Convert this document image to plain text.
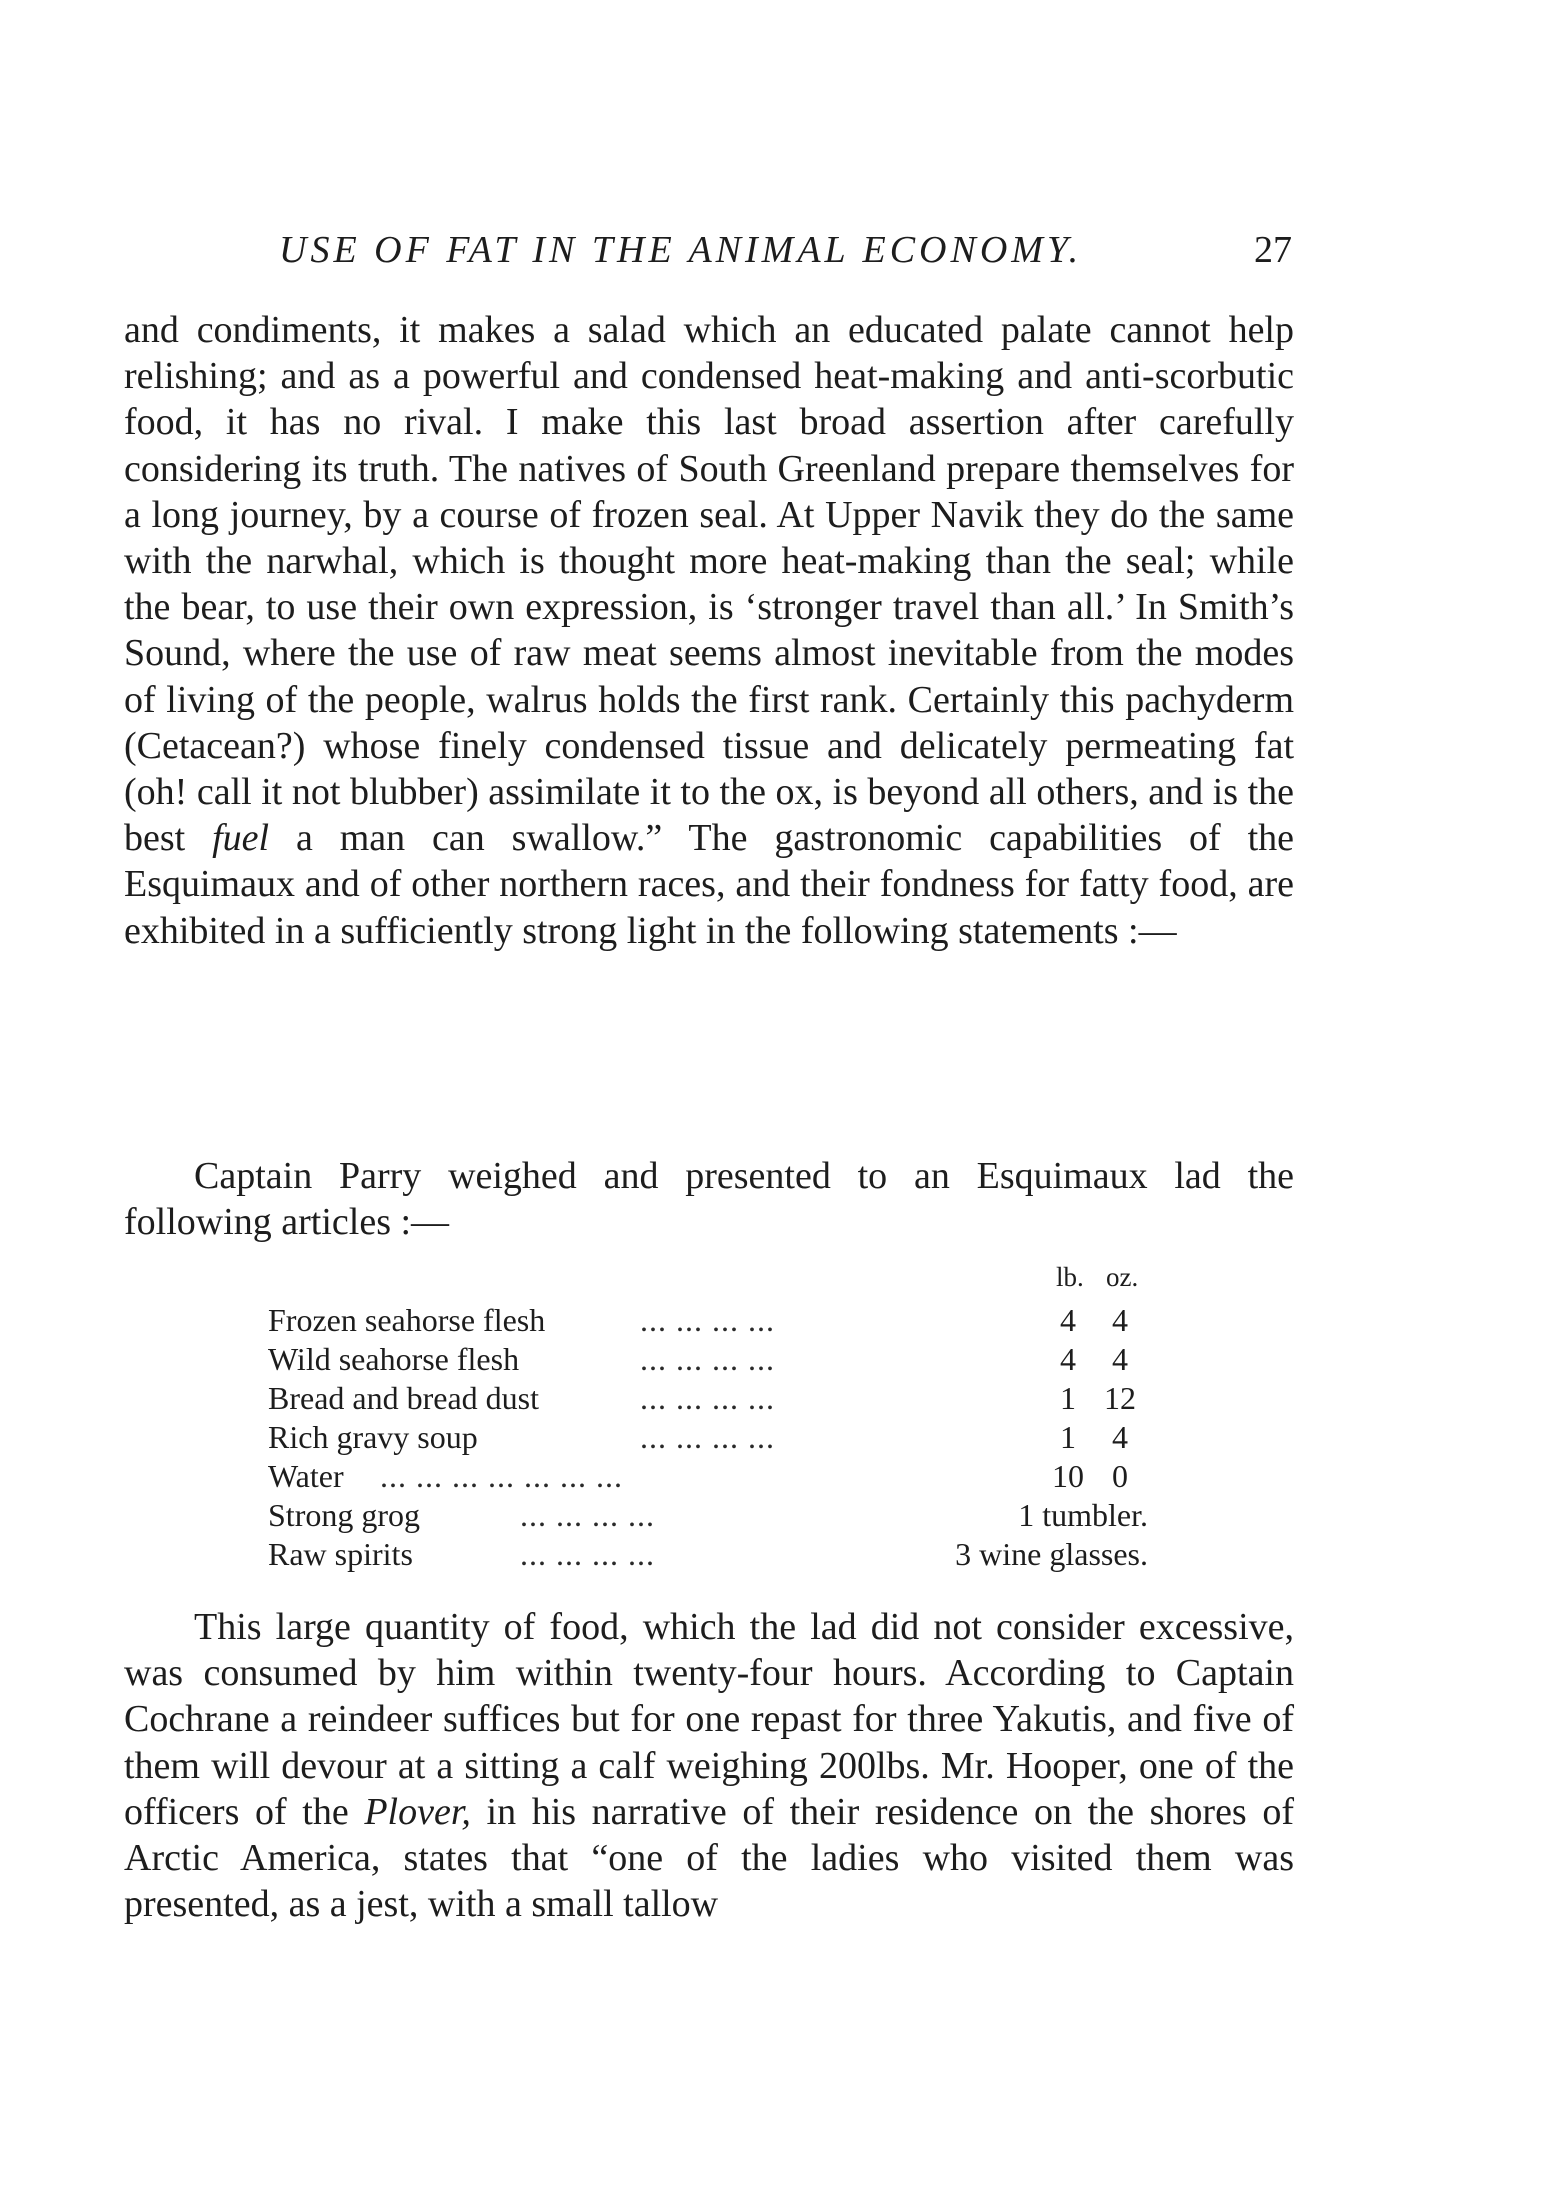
USE OF FAT IN THE ANIMAL ECONOMY.	27

and condiments, it makes a salad which an educated palate cannot help relishing; and as a powerful and condensed heat-making and anti-scorbutic food, it has no rival. I make this last broad assertion after carefully considering its truth. The natives of South Greenland prepare themselves for a long journey, by a course of frozen seal. At Upper Navik they do the same with the narwhal, which is thought more heat-making than the seal; while the bear, to use their own expression, is ‘stronger travel than all.’ In Smith’s Sound, where the use of raw meat seems almost inevitable from the modes of living of the people, walrus holds the first rank. Certainly this pachyderm (Cetacean?) whose finely condensed tissue and delicately permeating fat (oh! call it not blubber) assimilate it to the ox, is beyond all others, and is the best fuel a man can swallow.” The gastronomic capabilities of the Esquimaux and of other northern races, and their fondness for fatty food, are exhibited in a sufficiently strong light in the following statements :—

Captain Parry weighed and presented to an Esquimaux lad the following articles :—

lb. oz.
Frozen seahorse flesh	... ... ... ...	4	4
Wild seahorse flesh	... ... ... ...	4	4
Bread and bread dust	... ... ... ...	1 12
Rich gravy soup	... ... ... ...	1	4
Water ... ... ... ... ... ... ...	10 0
Strong grog	... ... ... ...	1 tumbler.
Raw spirits	... ... ... ...	3 wine glasses.

This large quantity of food, which the lad did not consider excessive, was consumed by him within twenty-four hours. According to Captain Cochrane a reindeer suffices but for one repast for three Yakutis, and five of them will devour at a sitting a calf weighing 200lbs. Mr. Hooper, one of the officers of the Plover, in his narrative of their residence on the shores of Arctic America, states that “one of the ladies who visited them was presented, as a jest, with a small tallow
